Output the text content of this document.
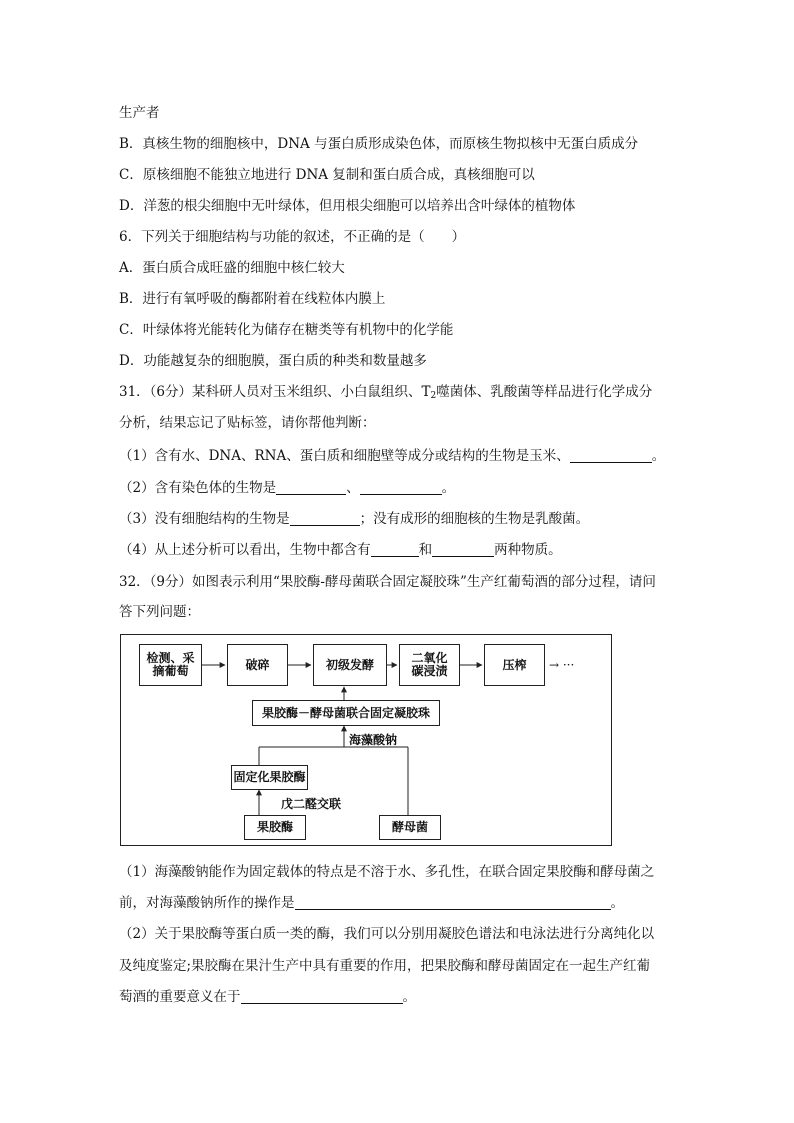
生产者
B．真核生物的细胞核中，DNA 与蛋白质形成染色体，而原核生物拟核中无蛋白质成分
C．原核细胞不能独立地进行 DNA 复制和蛋白质合成，真核细胞可以
D．洋葱的根尖细胞中无叶绿体，但用根尖细胞可以培养出含叶绿体的植物体
6．下列关于细胞结构与功能的叙述，不正确的是（　　）
A．蛋白质合成旺盛的细胞中核仁较大
B．进行有氧呼吸的酶都附着在线粒体内膜上
C．叶绿体将光能转化为储存在糖类等有机物中的化学能
D．功能越复杂的细胞膜，蛋白质的种类和数量越多
31．（6分）某科研人员对玉米组织、小白鼠组织、$T_2$噬菌体、乳酸菌等样品进行化学成分
分析，结果忘记了贴标签，请你帮他判断：
（1）含有水、DNA、RNA、蛋白质和细胞壁等成分或结构的生物是玉米、	。
（2）含有染色体的生物是	、	。
（3）没有细胞结构的生物是	；没有成形的细胞核的生物是乳酸菌。
（4）从上述分析可以看出，生物中都含有	和	两种物质。
32．（9分）如图表示利用“果胶酶-酵母菌联合固定凝胶珠”生产红葡萄酒的部分过程，请问
答下列问题：
检测、采
摘葡萄	破碎	初级发酵	二氧化
碳浸渍	压榨	→ ···
果胶酶－酵母菌联合固定凝胶珠
海藻酸钠
固定化果胶酶
戊二醛交联
果胶酶	酵母菌
（1）海藻酸钠能作为固定载体的特点是不溶于水、多孔性，在联合固定果胶酶和酵母菌之
前，对海藻酸钠所作的操作是	。
（2）关于果胶酶等蛋白质一类的酶，我们可以分别用凝胶色谱法和电泳法进行分离纯化以
及纯度鉴定;果胶酶在果汁生产中具有重要的作用，把果胶酶和酵母菌固定在一起生产红葡
萄酒的重要意义在于	。
